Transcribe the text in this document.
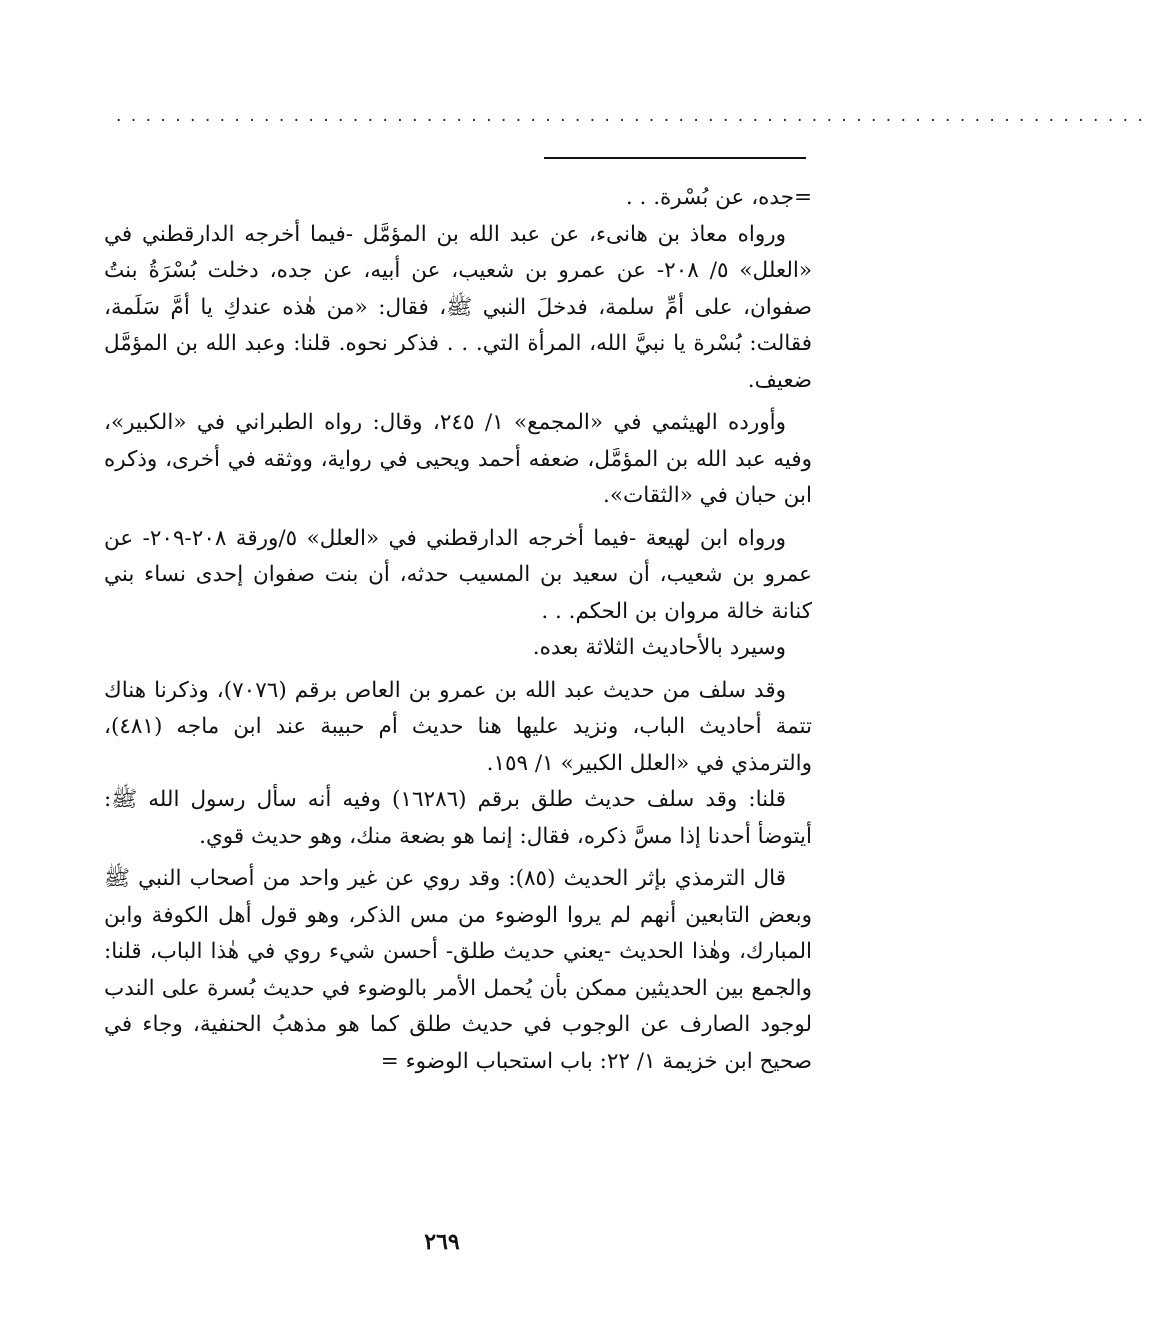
......................................................................

=جده، عن بُسْرة. . .

ورواه معاذ بن هانىء، عن عبد الله بن المؤمَّل -فيما أخرجه الدارقطني في «العلل» ٥/ ٢٠٨- عن عمرو بن شعيب، عن أبيه، عن جده، دخلت بُسْرَةُ بنتُ صفوان، على أمِّ سلمة، فدخلَ النبي ﷺ، فقال: «من هٰذه عندكِ يا أمَّ سَلَمة، فقالت: بُسْرة يا نبيَّ الله، المرأة التي. . . فذكر نحوه. قلنا: وعبد الله بن المؤمَّل ضعيف.

وأورده الهيثمي في «المجمع» ١/ ٢٤٥، وقال: رواه الطبراني في «الكبير»، وفيه عبد الله بن المؤمَّل، ضعفه أحمد ويحيى في رواية، ووثقه في أخرى، وذكره ابن حبان في «الثقات».

ورواه ابن لهيعة -فيما أخرجه الدارقطني في «العلل» ٥/ورقة ٢٠٨-٢٠٩- عن عمرو بن شعيب، أن سعيد بن المسيب حدثه، أن بنت صفوان إحدى نساء بني كنانة خالة مروان بن الحكم. . .

وسيرد بالأحاديث الثلاثة بعده.

وقد سلف من حديث عبد الله بن عمرو بن العاص برقم (٧٠٧٦)، وذكرنا هناك تتمة أحاديث الباب، ونزيد عليها هنا حديث أم حبيبة عند ابن ماجه (٤٨١)، والترمذي في «العلل الكبير» ١/ ١٥٩.

قلنا: وقد سلف حديث طلق برقم (١٦٢٨٦) وفيه أنه سأل رسول الله ﷺ: أيتوضأ أحدنا إذا مسَّ ذكره، فقال: إنما هو بضعة منك، وهو حديث قوي.

قال الترمذي بإثر الحديث (٨٥): وقد روي عن غير واحد من أصحاب النبي ﷺ وبعض التابعين أنهم لم يروا الوضوء من مس الذكر، وهو قول أهل الكوفة وابن المبارك، وهٰذا الحديث -يعني حديث طلق- أحسن شيء روي في هٰذا الباب، قلنا: والجمع بين الحديثين ممكن بأن يُحمل الأمر بالوضوء في حديث بُسرة على الندب لوجود الصارف عن الوجوب في حديث طلق كما هو مذهبُ الحنفية، وجاء في صحيح ابن خزيمة ١/ ٢٢: باب استحباب الوضوء =

٢٦٩
